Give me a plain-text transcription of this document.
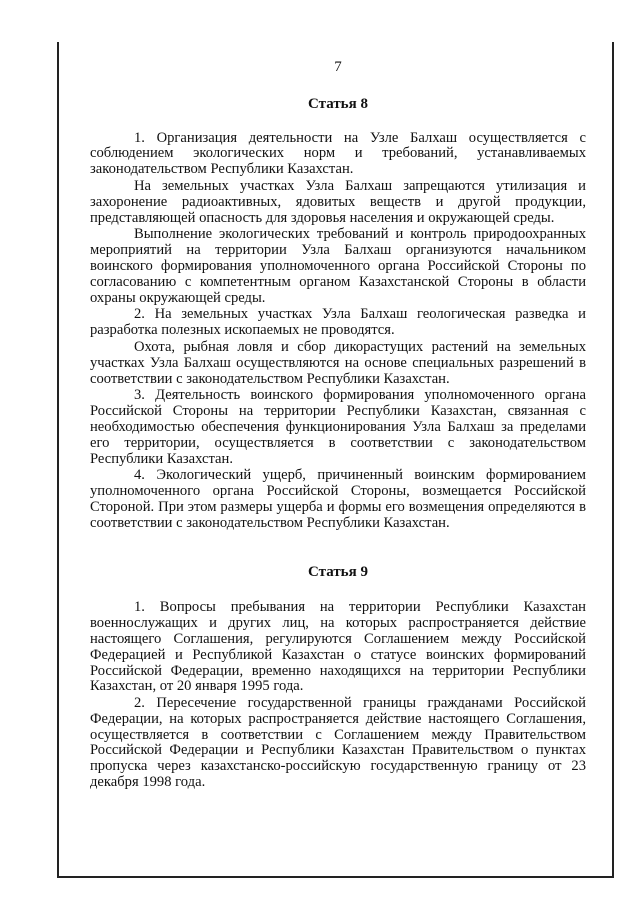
7
Статья 8

1. Организация деятельности на Узле Балхаш осуществляется с соблюдением экологических норм и требований, устанавливаемых законодательством Республики Казахстан.

На земельных участках Узла Балхаш запрещаются утилизация и захоронение радиоактивных, ядовитых веществ и другой продукции, представляющей опасность для здоровья населения и окружающей среды.

Выполнение экологических требований и контроль природоохранных мероприятий на территории Узла Балхаш организуются начальником воинского формирования уполномоченного органа Российской Стороны по согласованию с компетентным органом Казахстанской Стороны в области охраны окружающей среды.

2. На земельных участках Узла Балхаш геологическая разведка и разработка полезных ископаемых не проводятся.

Охота, рыбная ловля и сбор дикорастущих растений на земельных участках Узла Балхаш осуществляются на основе специальных разрешений в соответствии с законодательством Республики Казахстан.

3. Деятельность воинского формирования уполномоченного органа Российской Стороны на территории Республики Казахстан, связанная с необходимостью обеспечения функционирования Узла Балхаш за пределами его территории, осуществляется в соответствии с законодательством Республики Казахстан.

4. Экологический ущерб, причиненный воинским формированием уполномоченного органа Российской Стороны, возмещается Российской Стороной. При этом размеры ущерба и формы его возмещения определяются в соответствии с законодательством Республики Казахстан.

Статья 9

1. Вопросы пребывания на территории Республики Казахстан военнослужащих и других лиц, на которых распространяется действие настоящего Соглашения, регулируются Соглашением между Российской Федерацией и Республикой Казахстан о статусе воинских формирований Российской Федерации, временно находящихся на территории Республики Казахстан, от 20 января 1995 года.

2. Пересечение государственной границы гражданами Российской Федерации, на которых распространяется действие настоящего Соглашения, осуществляется в соответствии с Соглашением между Правительством Российской Федерации и Республики Казахстан Правительством о пунктах пропуска через казахстанско-российскую государственную границу от 23 декабря 1998 года.
